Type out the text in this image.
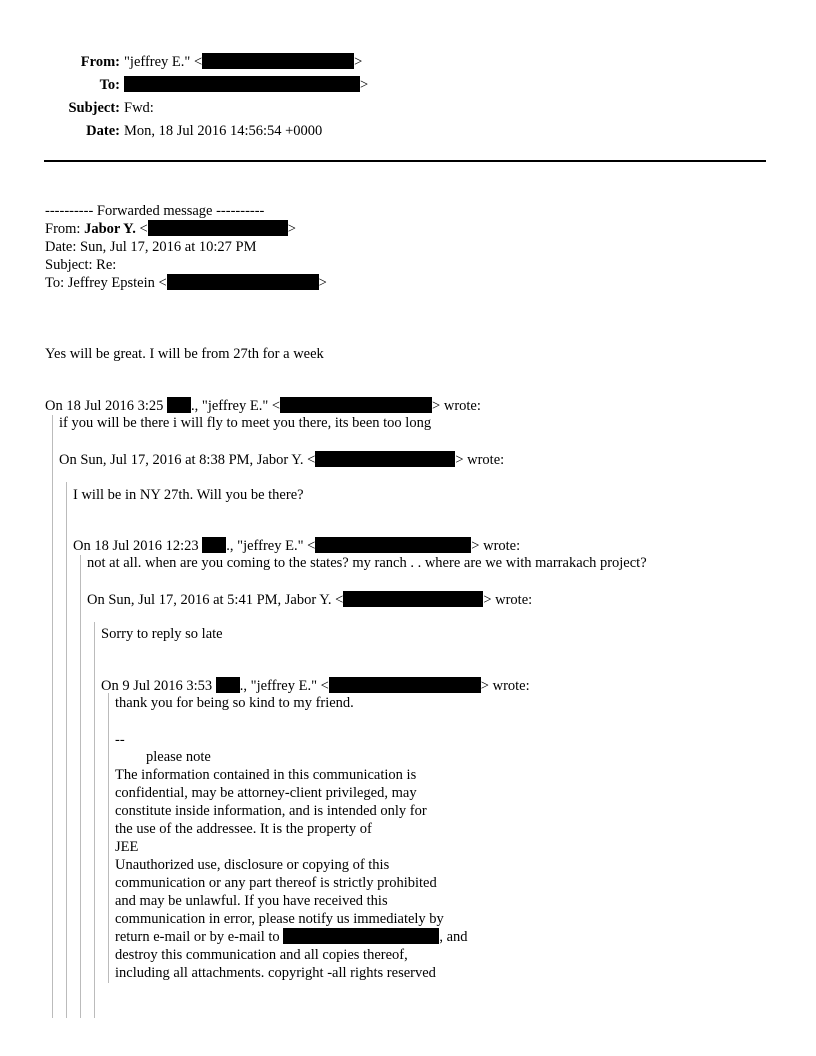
From: "jeffrey E." <	>
To:	>
Subject: Fwd:
Date: Mon, 18 Jul 2016 14:56:54 +0000
---------- Forwarded message ----------
From: Jabor Y. <	>
Date: Sun, Jul 17, 2016 at 10:27 PM
Subject: Re:
To: Jeffrey Epstein <	>
Yes will be great. I will be from 27th for a week
On 18 Jul 2016 3:25 ., "jeffrey E." <	> wrote:
if you will be there i will fly to meet you there, its been too long
On Sun, Jul 17, 2016 at 8:38 PM, Jabor Y. <	> wrote:
I will be in NY 27th. Will you be there?
On 18 Jul 2016 12:23 ., "jeffrey E." <	> wrote:
not at all. when are you coming to the states? my ranch . . where are we with marrakach project?
On Sun, Jul 17, 2016 at 5:41 PM, Jabor Y. <	> wrote:
Sorry to reply so late
On 9 Jul 2016 3:53 ., "jeffrey E." <	> wrote:
thank you for being so kind to my friend.
--
please note
The information contained in this communication is
confidential, may be attorney-client privileged, may
constitute inside information, and is intended only for
the use of the addressee. It is the property of
JEE
Unauthorized use, disclosure or copying of this
communication or any part thereof is strictly prohibited
and may be unlawful. If you have received this
communication in error, please notify us immediately by
return e-mail or by e-mail to	, and
destroy this communication and all copies thereof,
including all attachments. copyright -all rights reserved
